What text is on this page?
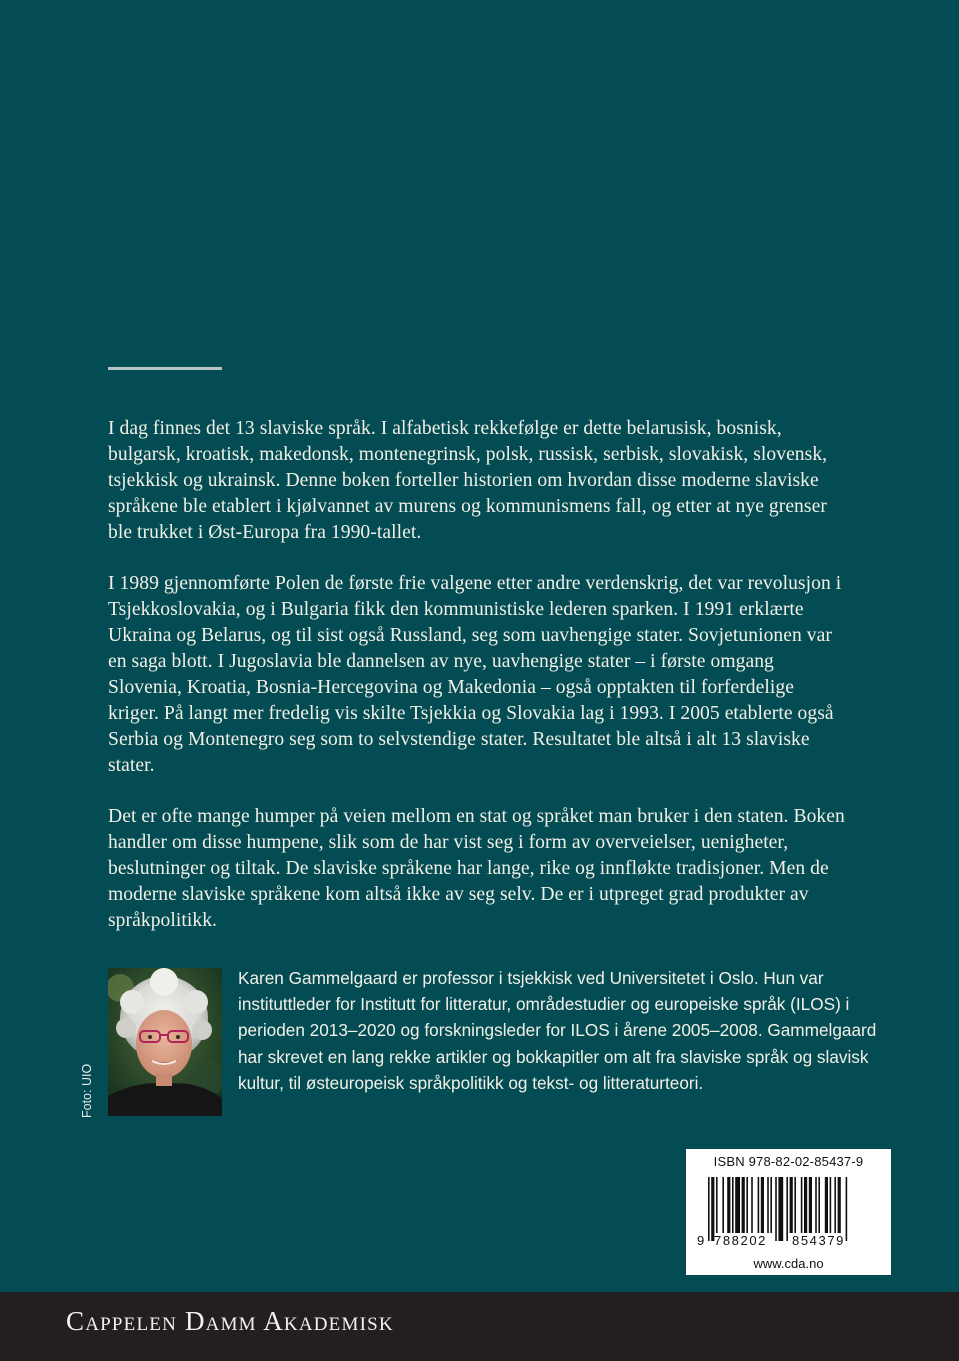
I dag finnes det 13 slaviske språk. I alfabetisk rekkefølge er dette belarusisk, bosnisk, bulgarsk, kroatisk, makedonsk, montenegrinsk, polsk, russisk, serbisk, slovakisk, slovensk, tsjekkisk og ukrainsk. Denne boken forteller historien om hvordan disse moderne slaviske språkene ble etablert i kjølvannet av murens og kommunismens fall, og etter at nye grenser ble trukket i Øst-Europa fra 1990-tallet.

I 1989 gjennomførte Polen de første frie valgene etter andre verdenskrig, det var revolusjon i Tsjekkoslovakia, og i Bulgaria fikk den kommunistiske lederen sparken. I 1991 erklærte Ukraina og Belarus, og til sist også Russland, seg som uavhengige stater. Sovjetunionen var en saga blott. I Jugoslavia ble dannelsen av nye, uavhengige stater – i første omgang Slovenia, Kroatia, Bosnia-Hercegovina og Makedonia – også opptakten til forferdelige kriger. På langt mer fredelig vis skilte Tsjekkia og Slovakia lag i 1993. I 2005 etablerte også Serbia og Montenegro seg som to selvstendige stater. Resultatet ble altså i alt 13 slaviske stater.

Det er ofte mange humper på veien mellom en stat og språket man bruker i den staten. Boken handler om disse humpene, slik som de har vist seg i form av overveielser, uenigheter, beslutninger og tiltak. De slaviske språkene har lange, rike og innfløkte tradisjoner. Men de moderne slaviske språkene kom altså ikke av seg selv. De er i utpreget grad produkter av språkpolitikk.

Foto: UIO
Karen Gammelgaard er professor i tsjekkisk ved Universitetet i Oslo. Hun var instituttleder for Institutt for litteratur, områdestudier og europeiske språk (ILOS) i perioden 2013–2020 og forskningsleder for ILOS i årene 2005–2008. Gammelgaard har skrevet en lang rekke artikler og bokkapitler om alt fra slaviske språk og slavisk kultur, til østeuropeisk språkpolitikk og tekst- og litteraturteori.
ISBN 978-82-02-85437-9
9 788202 854379
www.cda.no
Cappelen Damm Akademisk
